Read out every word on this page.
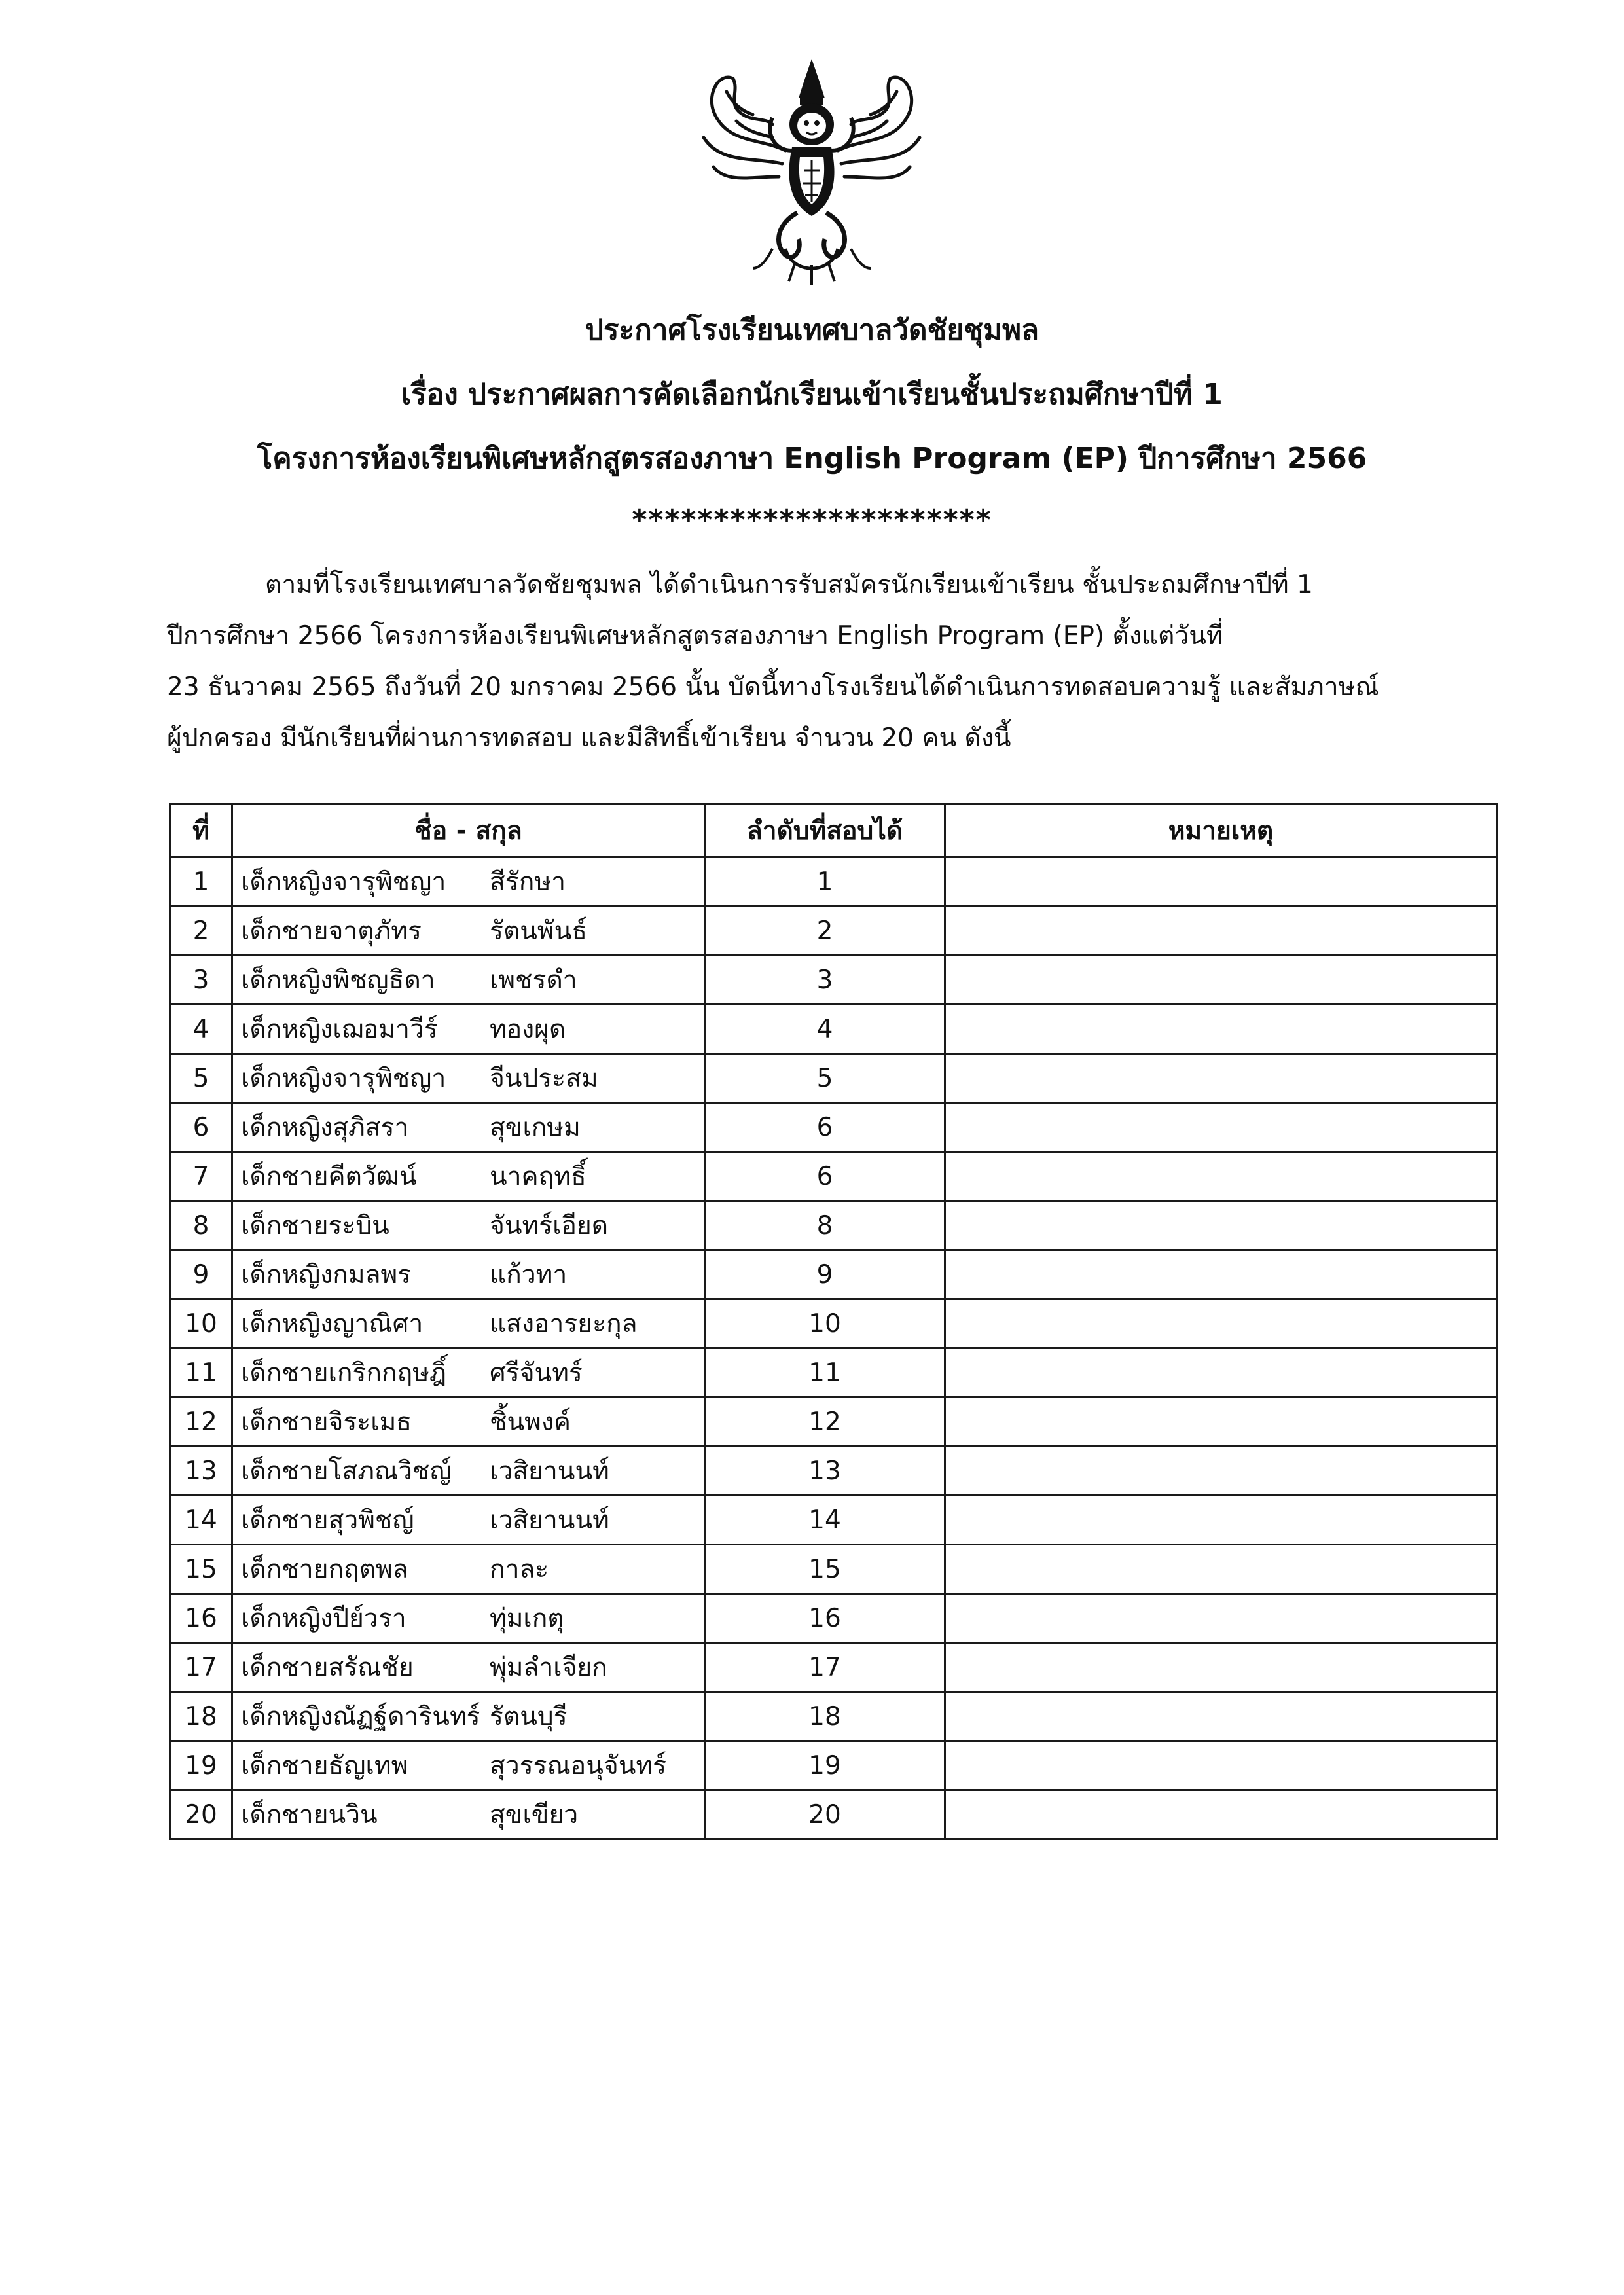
ประกาศโรงเรียนเทศบาลวัดชัยชุมพล
เรื่อง ประกาศผลการคัดเลือกนักเรียนเข้าเรียนชั้นประถมศึกษาปีที่ 1
โครงการห้องเรียนพิเศษหลักสูตรสองภาษา English Program (EP) ปีการศึกษา 2566
**********************
ตามที่โรงเรียนเทศบาลวัดชัยชุมพล ได้ดำเนินการรับสมัครนักเรียนเข้าเรียน ชั้นประถมศึกษาปีที่ 1
ปีการศึกษา 2566 โครงการห้องเรียนพิเศษหลักสูตรสองภาษา English Program (EP) ตั้งแต่วันที่
23 ธันวาคม 2565 ถึงวันที่ 20 มกราคม 2566 นั้น บัดนี้ทางโรงเรียนได้ดำเนินการทดสอบความรู้ และสัมภาษณ์
ผู้ปกครอง มีนักเรียนที่ผ่านการทดสอบ และมีสิทธิ์เข้าเรียน จำนวน 20 คน ดังนี้
ที่	ชื่อ - สกุล	ลำดับที่สอบได้	หมายเหตุ
1	เด็กหญิงจารุพิชญา สีรักษา	1	
2	เด็กชายจาตุภัทร รัตนพันธ์	2	
3	เด็กหญิงพิชญธิดา เพชรดำ	3	
4	เด็กหญิงเฌอมาวีร์ ทองผุด	4	
5	เด็กหญิงจารุพิชญา จีนประสม	5	
6	เด็กหญิงสุภิสรา สุขเกษม	6	
7	เด็กชายคีตวัฒน์ นาคฤทธิ์	6	
8	เด็กชายระบิน จันทร์เอียด	8	
9	เด็กหญิงกมลพร แก้วทา	9	
10	เด็กหญิงญาณิศา แสงอารยะกุล	10	
11	เด็กชายเกริกกฤษฎิ์ ศรีจันทร์	11	
12	เด็กชายจิระเมธ ชิ้นพงค์	12	
13	เด็กชายโสภณวิชญ์ เวสิยานนท์	13	
14	เด็กชายสุวพิชญ์ เวสิยานนท์	14	
15	เด็กชายกฤตพล กาละ	15	
16	เด็กหญิงปีย์วรา ทุ่มเกตุ	16	
17	เด็กชายสรัณชัย พุ่มลำเจียก	17	
18	เด็กหญิงณัฏฐ์ดารินทร์ รัตนบุรี	18	
19	เด็กชายธัญเทพ สุวรรณอนุจันทร์	19	
20	เด็กชายนวิน สุขเขียว	20	
